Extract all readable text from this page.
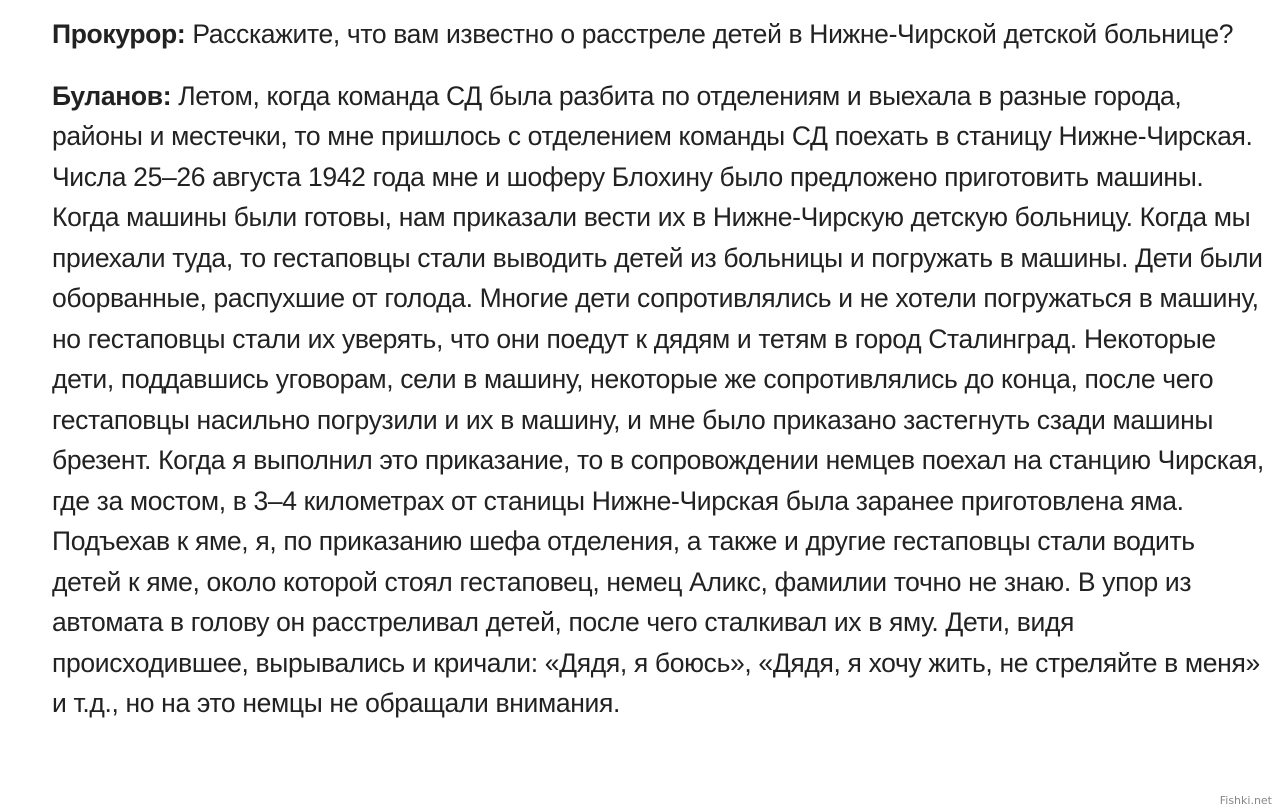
Прокурор: Расскажите, что вам известно о расстреле детей в Нижне-Чирской детской больнице?

Буланов: Летом, когда команда СД была разбита по отделениям и выехала в разные города, районы и местечки, то мне пришлось с отделением команды СД поехать в станицу Нижне-Чирская. Числа 25–26 августа 1942 года мне и шоферу Блохину было предложено приготовить машины. Когда машины были готовы, нам приказали вести их в Нижне-Чирскую детскую больницу. Когда мы приехали туда, то гестаповцы стали выводить детей из больницы и погружать в машины. Дети были оборванные, распухшие от голода. Многие дети сопротивлялись и не хотели погружаться в машину, но гестаповцы стали их уверять, что они поедут к дядям и тетям в город Сталинград. Некоторые дети, поддавшись уговорам, сели в машину, некоторые же сопротивлялись до конца, после чего гестаповцы насильно погрузили и их в машину, и мне было приказано застегнуть сзади машины брезент. Когда я выполнил это приказание, то в сопровождении немцев поехал на станцию Чирская, где за мостом, в 3–4 километрах от станицы Нижне-Чирская была заранее приготовлена яма. Подъехав к яме, я, по приказанию шефа отделения, а также и другие гестаповцы стали водить детей к яме, около которой стоял гестаповец, немец Аликс, фамилии точно не знаю. В упор из автомата в голову он расстреливал детей, после чего сталкивал их в яму. Дети, видя происходившее, вырывались и кричали: «Дядя, я боюсь», «Дядя, я хочу жить, не стреляйте в меня» и т.д., но на это немцы не обращали внимания.

Fishki.net
